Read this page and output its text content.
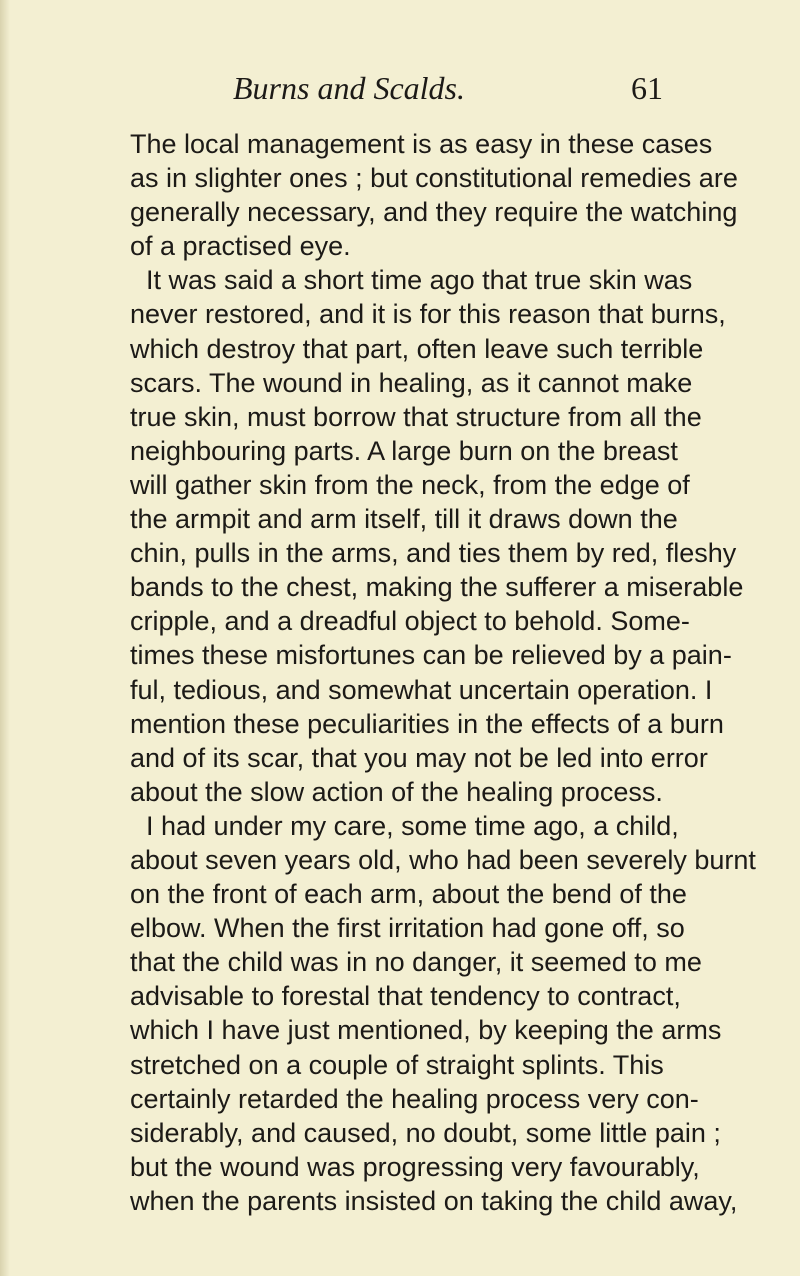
Burns and Scalds.	61
The local management is as easy in these cases
as in slighter ones ; but constitutional remedies are
generally necessary, and they require the watching
of a practised eye.
It was said a short time ago that true skin was
never restored, and it is for this reason that burns,
which destroy that part, often leave such terrible
scars. The wound in healing, as it cannot make
true skin, must borrow that structure from all the
neighbouring parts. A large burn on the breast
will gather skin from the neck, from the edge of
the armpit and arm itself, till it draws down the
chin, pulls in the arms, and ties them by red, fleshy
bands to the chest, making the sufferer a miserable
cripple, and a dreadful object to behold. Some-
times these misfortunes can be relieved by a pain-
ful, tedious, and somewhat uncertain operation. I
mention these peculiarities in the effects of a burn
and of its scar, that you may not be led into error
about the slow action of the healing process.
I had under my care, some time ago, a child,
about seven years old, who had been severely burnt
on the front of each arm, about the bend of the
elbow. When the first irritation had gone off, so
that the child was in no danger, it seemed to me
advisable to forestal that tendency to contract,
which I have just mentioned, by keeping the arms
stretched on a couple of straight splints. This
certainly retarded the healing process very con-
siderably, and caused, no doubt, some little pain ;
but the wound was progressing very favourably,
when the parents insisted on taking the child away,
